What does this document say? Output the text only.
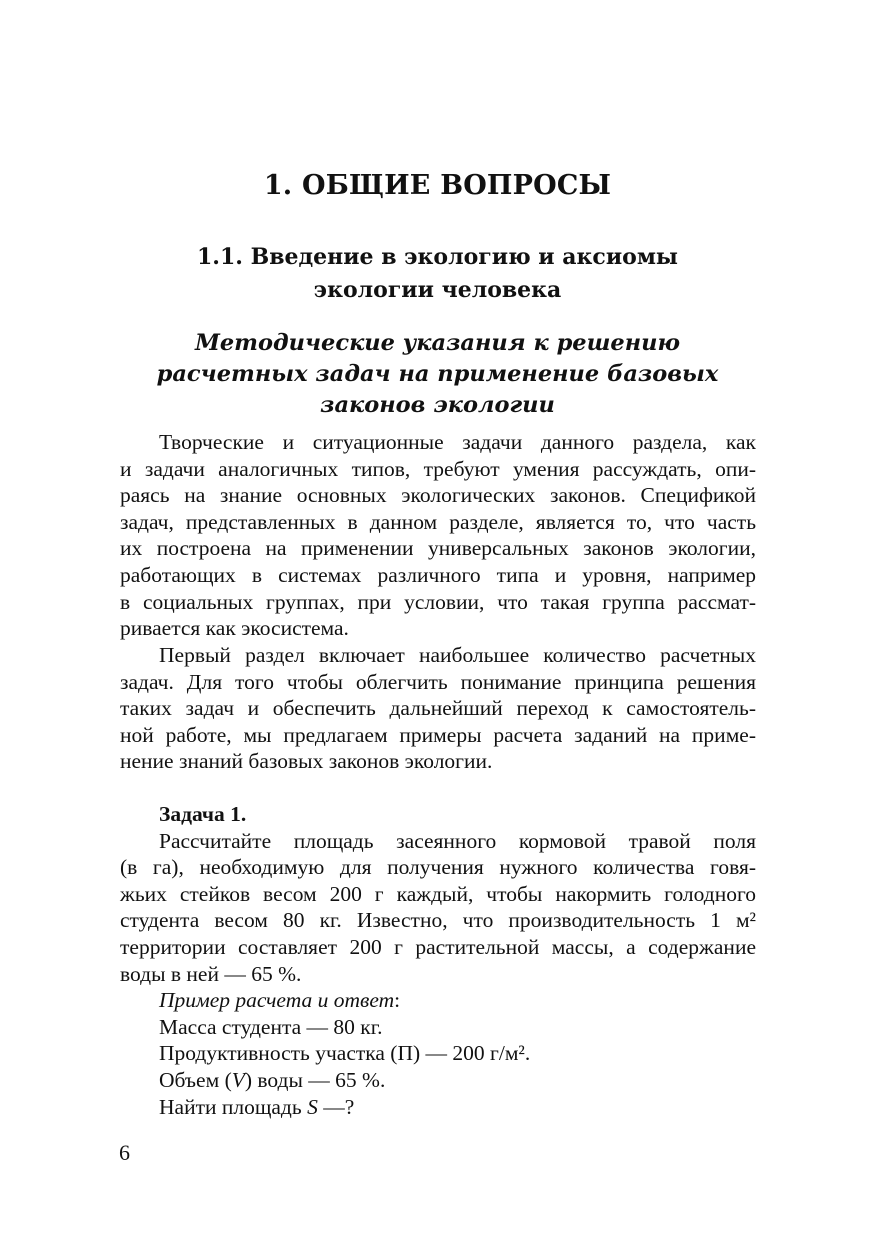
1. ОБЩИЕ ВОПРОСЫ
1.1. Введение в экологию и аксиомы
экологии человека
Методические указания к решению
расчетных задач на применение базовых
законов экологии
Творческие и ситуационные задачи данного раздела, как
и задачи аналогичных типов, требуют умения рассуждать, опи-
раясь на знание основных экологических законов. Спецификой
задач, представленных в данном разделе, является то, что часть
их построена на применении универсальных законов экологии,
работающих в системах различного типа и уровня, например
в социальных группах, при условии, что такая группа рассмат-
ривается как экосистема.
Первый раздел включает наибольшее количество расчетных
задач. Для того чтобы облегчить понимание принципа решения
таких задач и обеспечить дальнейший переход к самостоятель-
ной работе, мы предлагаем примеры расчета заданий на приме-
нение знаний базовых законов экологии.
Задача 1.
Рассчитайте площадь засеянного кормовой травой поля
(в га), необходимую для получения нужного количества говя-
жьих стейков весом 200 г каждый, чтобы накормить голодного
студента весом 80 кг. Известно, что производительность 1 м²
территории составляет 200 г растительной массы, а содержание
воды в ней — 65 %.
Пример расчета и ответ:
Масса студента — 80 кг.
Продуктивность участка (П) — 200 г/м².
Объем (V) воды — 65 %.
Найти площадь S —?
6
